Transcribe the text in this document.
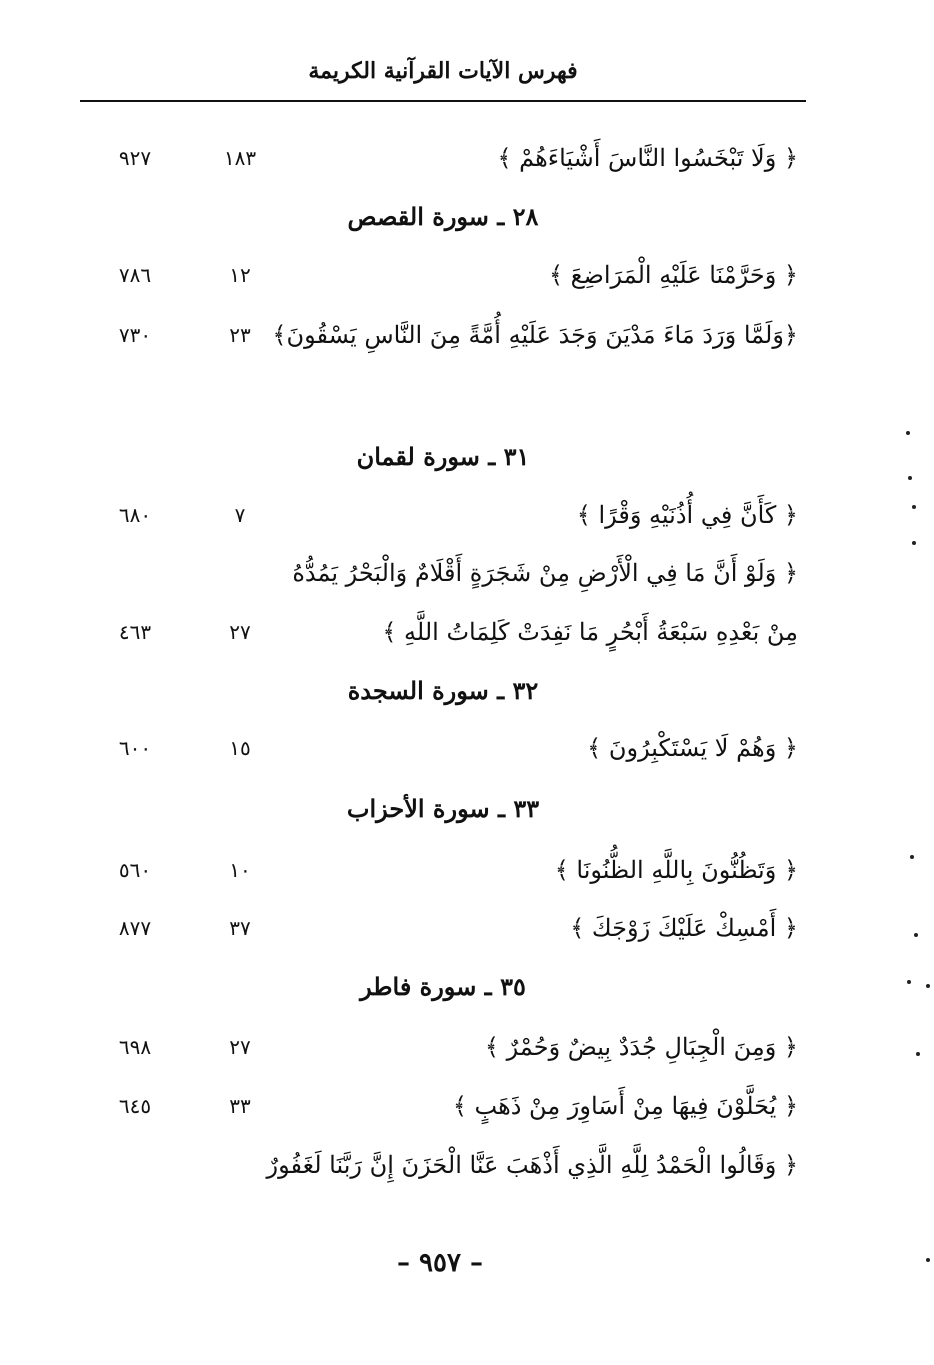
فهرس الآيات القرآنية الكريمة
﴿ وَلَا تَبْخَسُوا النَّاسَ أَشْيَاءَهُمْ ﴾
١٨٣
٩٢٧
٢٨ ـ سورة القصص
﴿ وَحَرَّمْنَا عَلَيْهِ الْمَرَاضِعَ ﴾
١٢
٧٨٦
﴿وَلَمَّا وَرَدَ مَاءَ مَدْيَنَ وَجَدَ عَلَيْهِ أُمَّةً مِنَ النَّاسِ يَسْقُونَ﴾
٢٣
٧٣٠
٣١ ـ سورة لقمان
﴿ كَأَنَّ فِي أُذُنَيْهِ وَقْرًا ﴾
٧
٦٨٠
﴿ وَلَوْ أَنَّ مَا فِي الْأَرْضِ مِنْ شَجَرَةٍ أَقْلَامٌ وَالْبَحْرُ يَمُدُّهُ
مِنْ بَعْدِهِ سَبْعَةُ أَبْحُرٍ مَا نَفِدَتْ كَلِمَاتُ اللَّهِ ﴾
٢٧
٤٦٣
٣٢ ـ سورة السجدة
﴿ وَهُمْ لَا يَسْتَكْبِرُونَ ﴾
١٥
٦٠٠
٣٣ ـ سورة الأحزاب
﴿ وَتَظُنُّونَ بِاللَّهِ الظُّنُونَا ﴾
١٠
٥٦٠
﴿ أَمْسِكْ عَلَيْكَ زَوْجَكَ ﴾
٣٧
٨٧٧
٣٥ ـ سورة فاطر
﴿ وَمِنَ الْجِبَالِ جُدَدٌ بِيضٌ وَحُمْرٌ ﴾
٢٧
٦٩٨
﴿ يُحَلَّوْنَ فِيهَا مِنْ أَسَاوِرَ مِنْ ذَهَبٍ ﴾
٣٣
٦٤٥
﴿ وَقَالُوا الْحَمْدُ لِلَّهِ الَّذِي أَذْهَبَ عَنَّا الْحَزَنَ إِنَّ رَبَّنَا لَغَفُورٌ
– ٩٥٧ –
